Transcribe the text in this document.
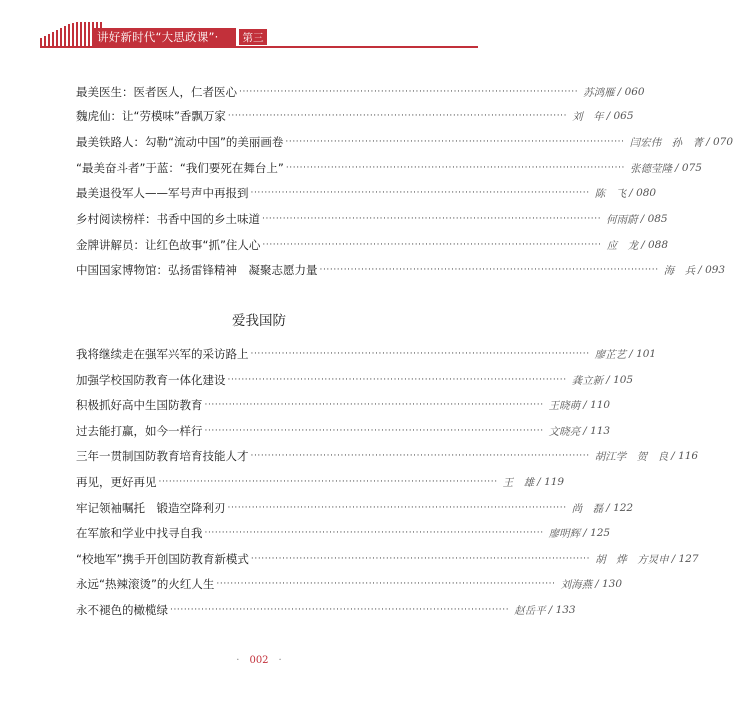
讲好新时代“大思政课”·	第三辑
最美医生：医者医人，仁者医心 ·································································································· 苏鸿雁 / 060
魏虎仙：让“劳模味”香飘万家 ·································································································· 刘　年 / 065
最美铁路人：勾勒“流动中国”的美丽画卷 ·································································································· 闫宏伟　孙　菁 / 070
“最美奋斗者”于蓝：“我们要死在舞台上” ·································································································· 张德莹隆 / 075
最美退役军人——军号声中再报到 ·································································································· 陈　飞 / 080
乡村阅读榜样：书香中国的乡土味道 ·································································································· 何雨蔚 / 085
金牌讲解员：让红色故事“抓”住人心 ·································································································· 应　龙 / 088
中国国家博物馆：弘扬雷锋精神　凝聚志愿力量 ·································································································· 海　兵 / 093
爱我国防
我将继续走在强军兴军的采访路上 ·································································································· 廖芷艺 / 101
加强学校国防教育一体化建设 ·································································································· 龚立新 / 105
积极抓好高中生国防教育 ·································································································· 王晓萌 / 110
过去能打赢，如今一样行 ·································································································· 文晓亮 / 113
三年一贯制国防教育培育技能人才 ·································································································· 胡江学　贺　良 / 116
再见，更好再见 ·································································································· 王　雄 / 119
牢记领袖嘱托　锻造空降利刃 ·································································································· 尚　磊 / 122
在军旅和学业中找寻自我 ·································································································· 廖明辉 / 125
“校地军”携手开创国防教育新模式 ·································································································· 胡　烨　方炅申 / 127
永远“热辣滚烫”的火红人生 ·································································································· 刘海燕 / 130
永不褪色的橄榄绿 ·································································································· 赵岳平 / 133
· 002 ·
